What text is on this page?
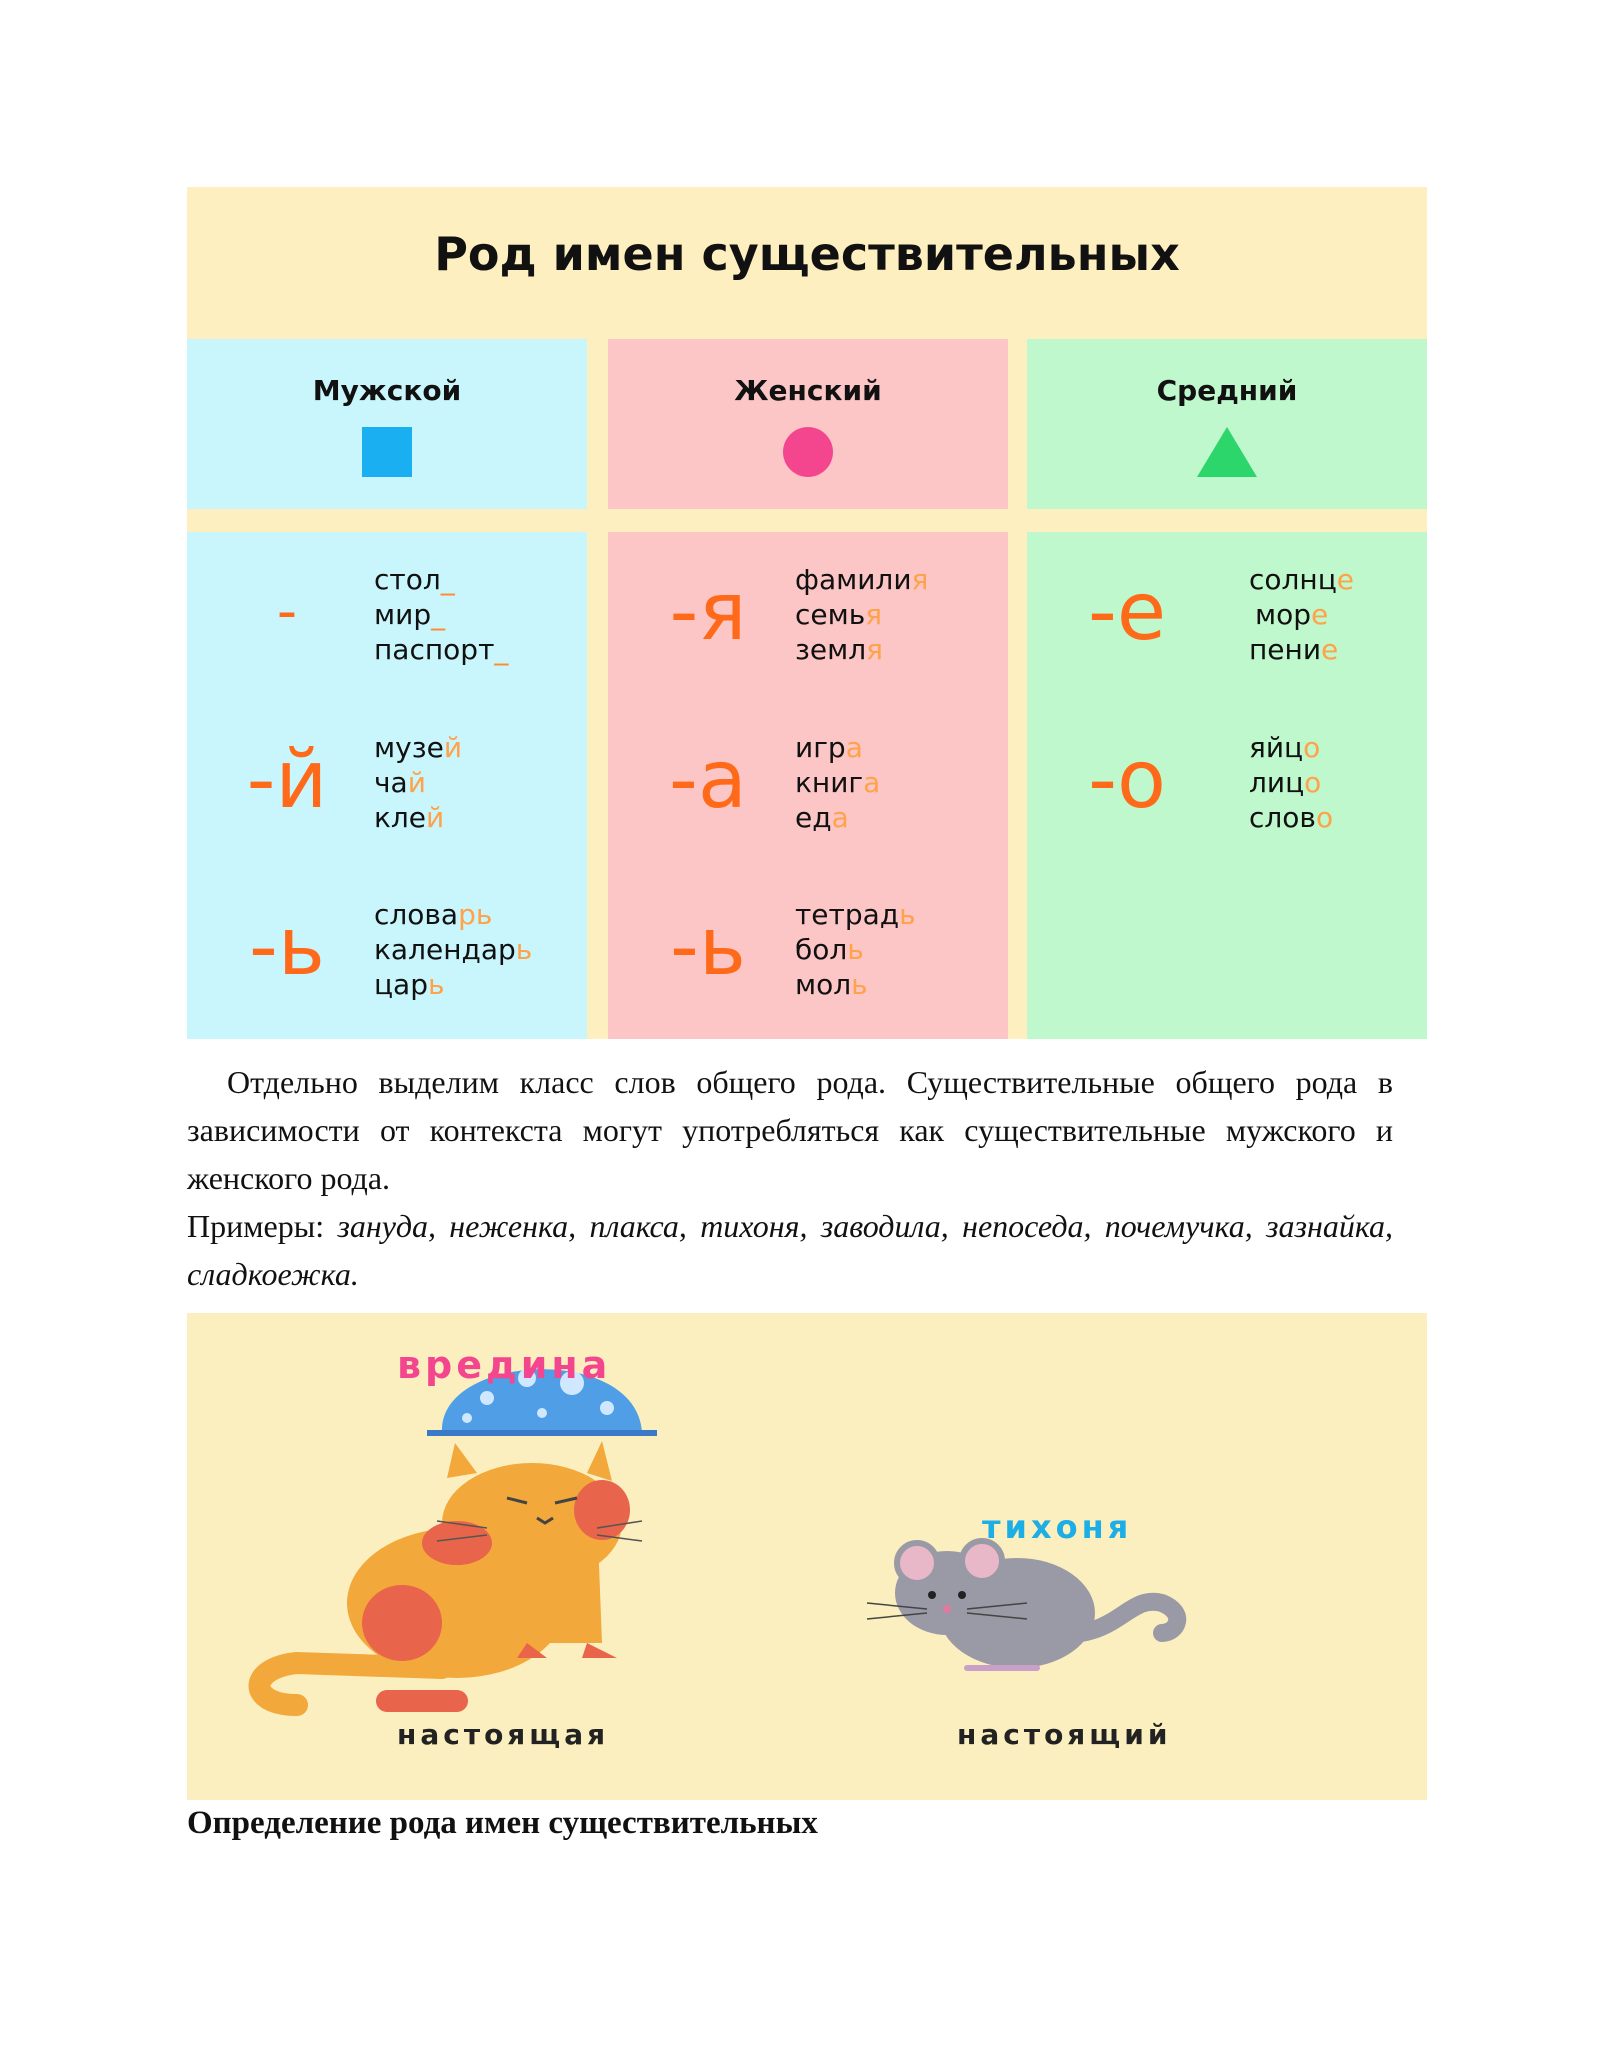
Род имен существительных
Мужской
-	стол_
мир_
паспорт_
-й	музей
чай
клей
-ь	словарь
календарь
царь
Женский
-я	фамилия
семья
земля
-а	игра
книга
еда
-ь	тетрадь
боль
моль
Средний
-е	солнце
море
пение
-о	яйцо
лицо
слово
Отдельно выделим класс слов общего рода. Существительные общего рода в зависимости от контекста могут употребляться как существительные мужского и женского рода.
Примеры: зануда, неженка, плакса, тихоня, заводила, непоседа, почемучка, зазнайка, сладкоежка.
вредина
тихоня
настоящая	настоящий
Определение рода имен существительных
